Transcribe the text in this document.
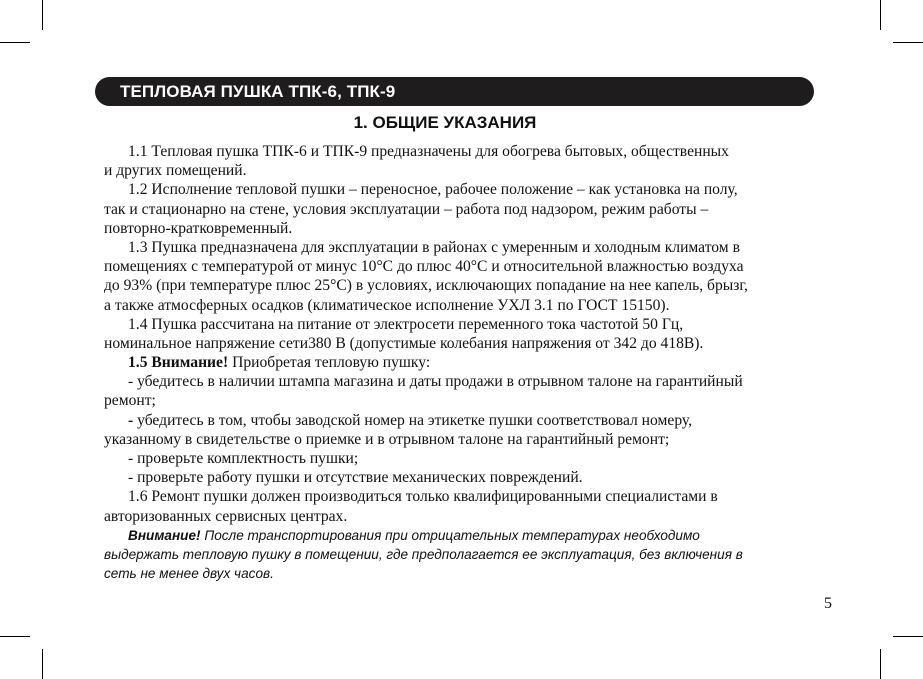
ТЕПЛОВАЯ ПУШКА ТПК-6, ТПК-9
1. ОБЩИЕ УКАЗАНИЯ
1.1 Тепловая пушка ТПК-6 и ТПК-9 предназначены для обогрева бытовых, общественных
и других помещений.
1.2 Исполнение тепловой пушки – переносное, рабочее положение – как установка на полу,
так и стационарно на стене, условия эксплуатации – работа под надзором, режим работы –
повторно-кратковременный.
1.3 Пушка предназначена для эксплуатации в районах с умеренным и холодным климатом в
помещениях с температурой от минус 10°С до плюс 40°С и относительной влажностью воздуха
до 93% (при температуре плюс 25°С) в условиях, исключающих попадание на нее капель, брызг,
а также атмосферных осадков (климатическое исполнение УХЛ 3.1 по ГОСТ 15150).
1.4 Пушка рассчитана на питание от электросети переменного тока частотой 50 Гц,
номинальное напряжение сети380 В (допустимые колебания напряжения от 342 до 418В).
1.5 Внимание! Приобретая тепловую пушку:
- убедитесь в наличии штампа магазина и даты продажи в отрывном талоне на гарантийный
ремонт;
- убедитесь в том, чтобы заводской номер на этикетке пушки соответствовал номеру,
указанному в свидетельстве о приемке и в отрывном талоне на гарантийный ремонт;
- проверьте комплектность пушки;
- проверьте работу пушки и отсутствие механических повреждений.
1.6 Ремонт пушки должен производиться только квалифицированными специалистами в
авторизованных сервисных центрах.
Внимание! После транспортирования при отрицательных температурах необходимо
выдержать тепловую пушку в помещении, где предполагается ее эксплуатация, без включения в
сеть не менее двух часов.
5
